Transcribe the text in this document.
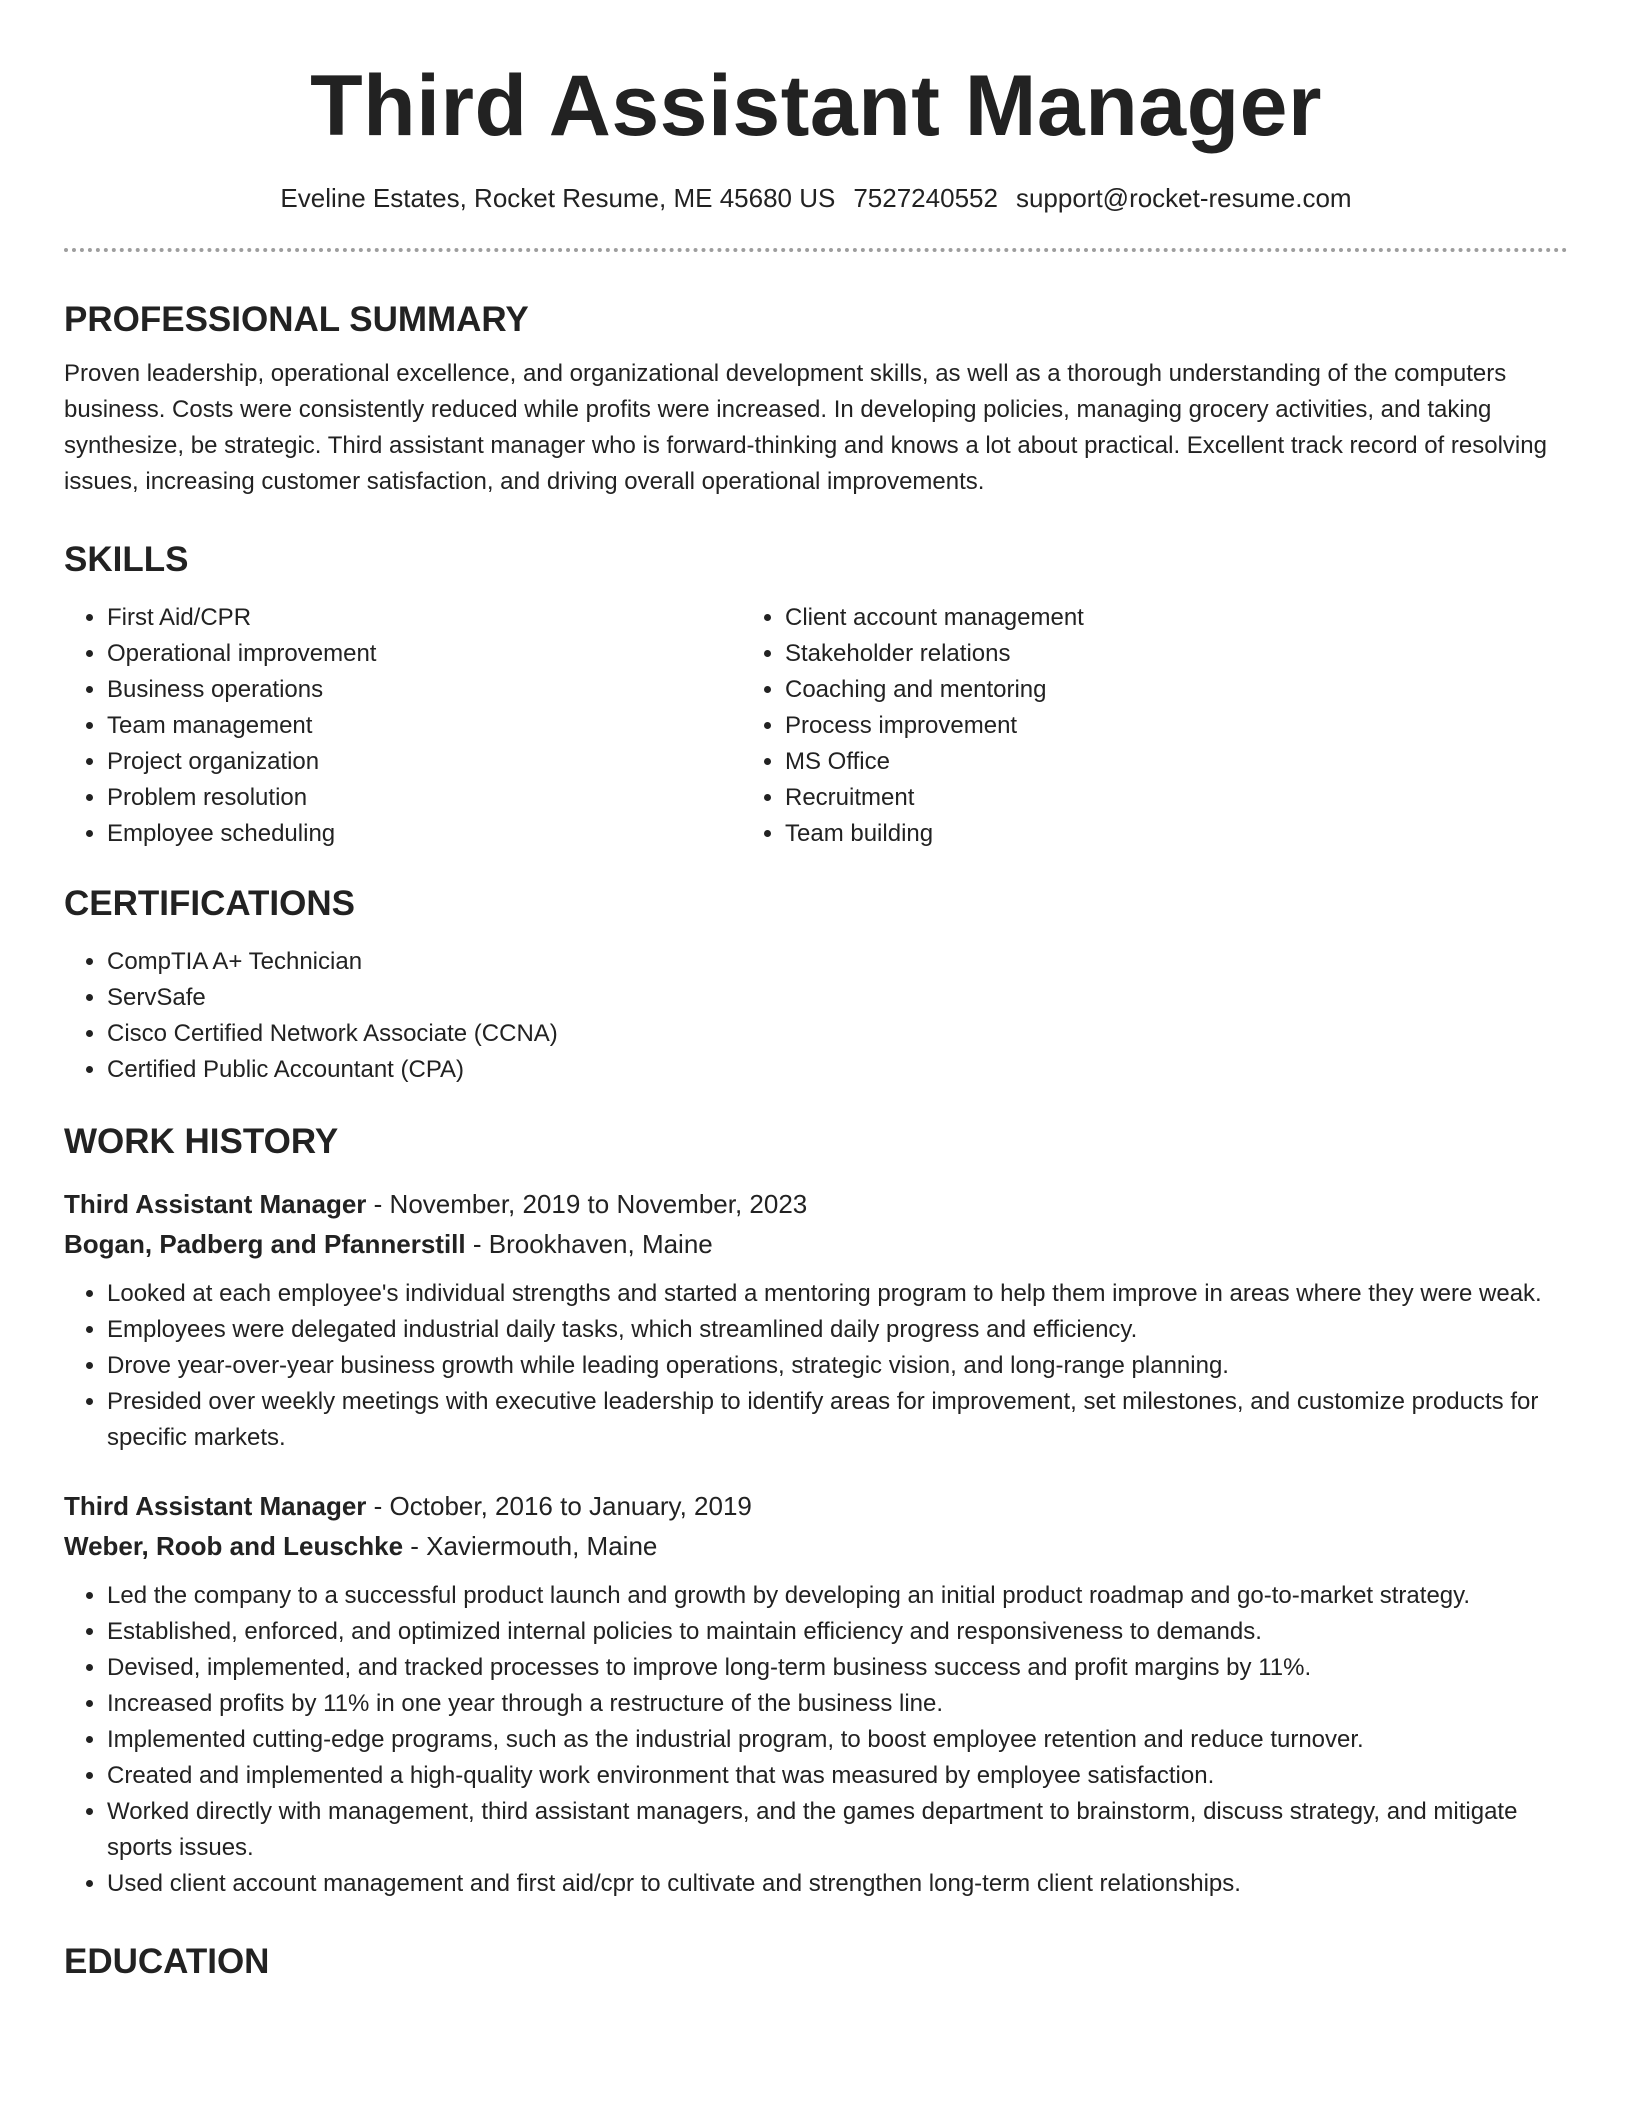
Third Assistant Manager
Eveline Estates, Rocket Resume, ME 45680 US 7527240552 support@rocket-resume.com
PROFESSIONAL SUMMARY

Proven leadership, operational excellence, and organizational development skills, as well as a thorough understanding of the computers business. Costs were consistently reduced while profits were increased. In developing policies, managing grocery activities, and taking synthesize, be strategic. Third assistant manager who is forward-thinking and knows a lot about practical. Excellent track record of resolving issues, increasing customer satisfaction, and driving overall operational improvements.

SKILLS
• First Aid/CPR
• Operational improvement
• Business operations
• Team management
• Project organization
• Problem resolution
• Employee scheduling
• Client account management
• Stakeholder relations
• Coaching and mentoring
• Process improvement
• MS Office
• Recruitment
• Team building
CERTIFICATIONS
• CompTIA A+ Technician
• ServSafe
• Cisco Certified Network Associate (CCNA)
• Certified Public Accountant (CPA)
WORK HISTORY
Third Assistant Manager - November, 2019 to November, 2023
Bogan, Padberg and Pfannerstill - Brookhaven, Maine
• Looked at each employee's individual strengths and started a mentoring program to help them improve in areas where they were weak.
• Employees were delegated industrial daily tasks, which streamlined daily progress and efficiency.
• Drove year-over-year business growth while leading operations, strategic vision, and long-range planning.
• Presided over weekly meetings with executive leadership to identify areas for improvement, set milestones, and customize products for specific markets.
Third Assistant Manager - October, 2016 to January, 2019
Weber, Roob and Leuschke - Xaviermouth, Maine
• Led the company to a successful product launch and growth by developing an initial product roadmap and go-to-market strategy.
• Established, enforced, and optimized internal policies to maintain efficiency and responsiveness to demands.
• Devised, implemented, and tracked processes to improve long-term business success and profit margins by 11%.
• Increased profits by 11% in one year through a restructure of the business line.
• Implemented cutting-edge programs, such as the industrial program, to boost employee retention and reduce turnover.
• Created and implemented a high-quality work environment that was measured by employee satisfaction.
• Worked directly with management, third assistant managers, and the games department to brainstorm, discuss strategy, and mitigate sports issues.
• Used client account management and first aid/cpr to cultivate and strengthen long-term client relationships.
EDUCATION
